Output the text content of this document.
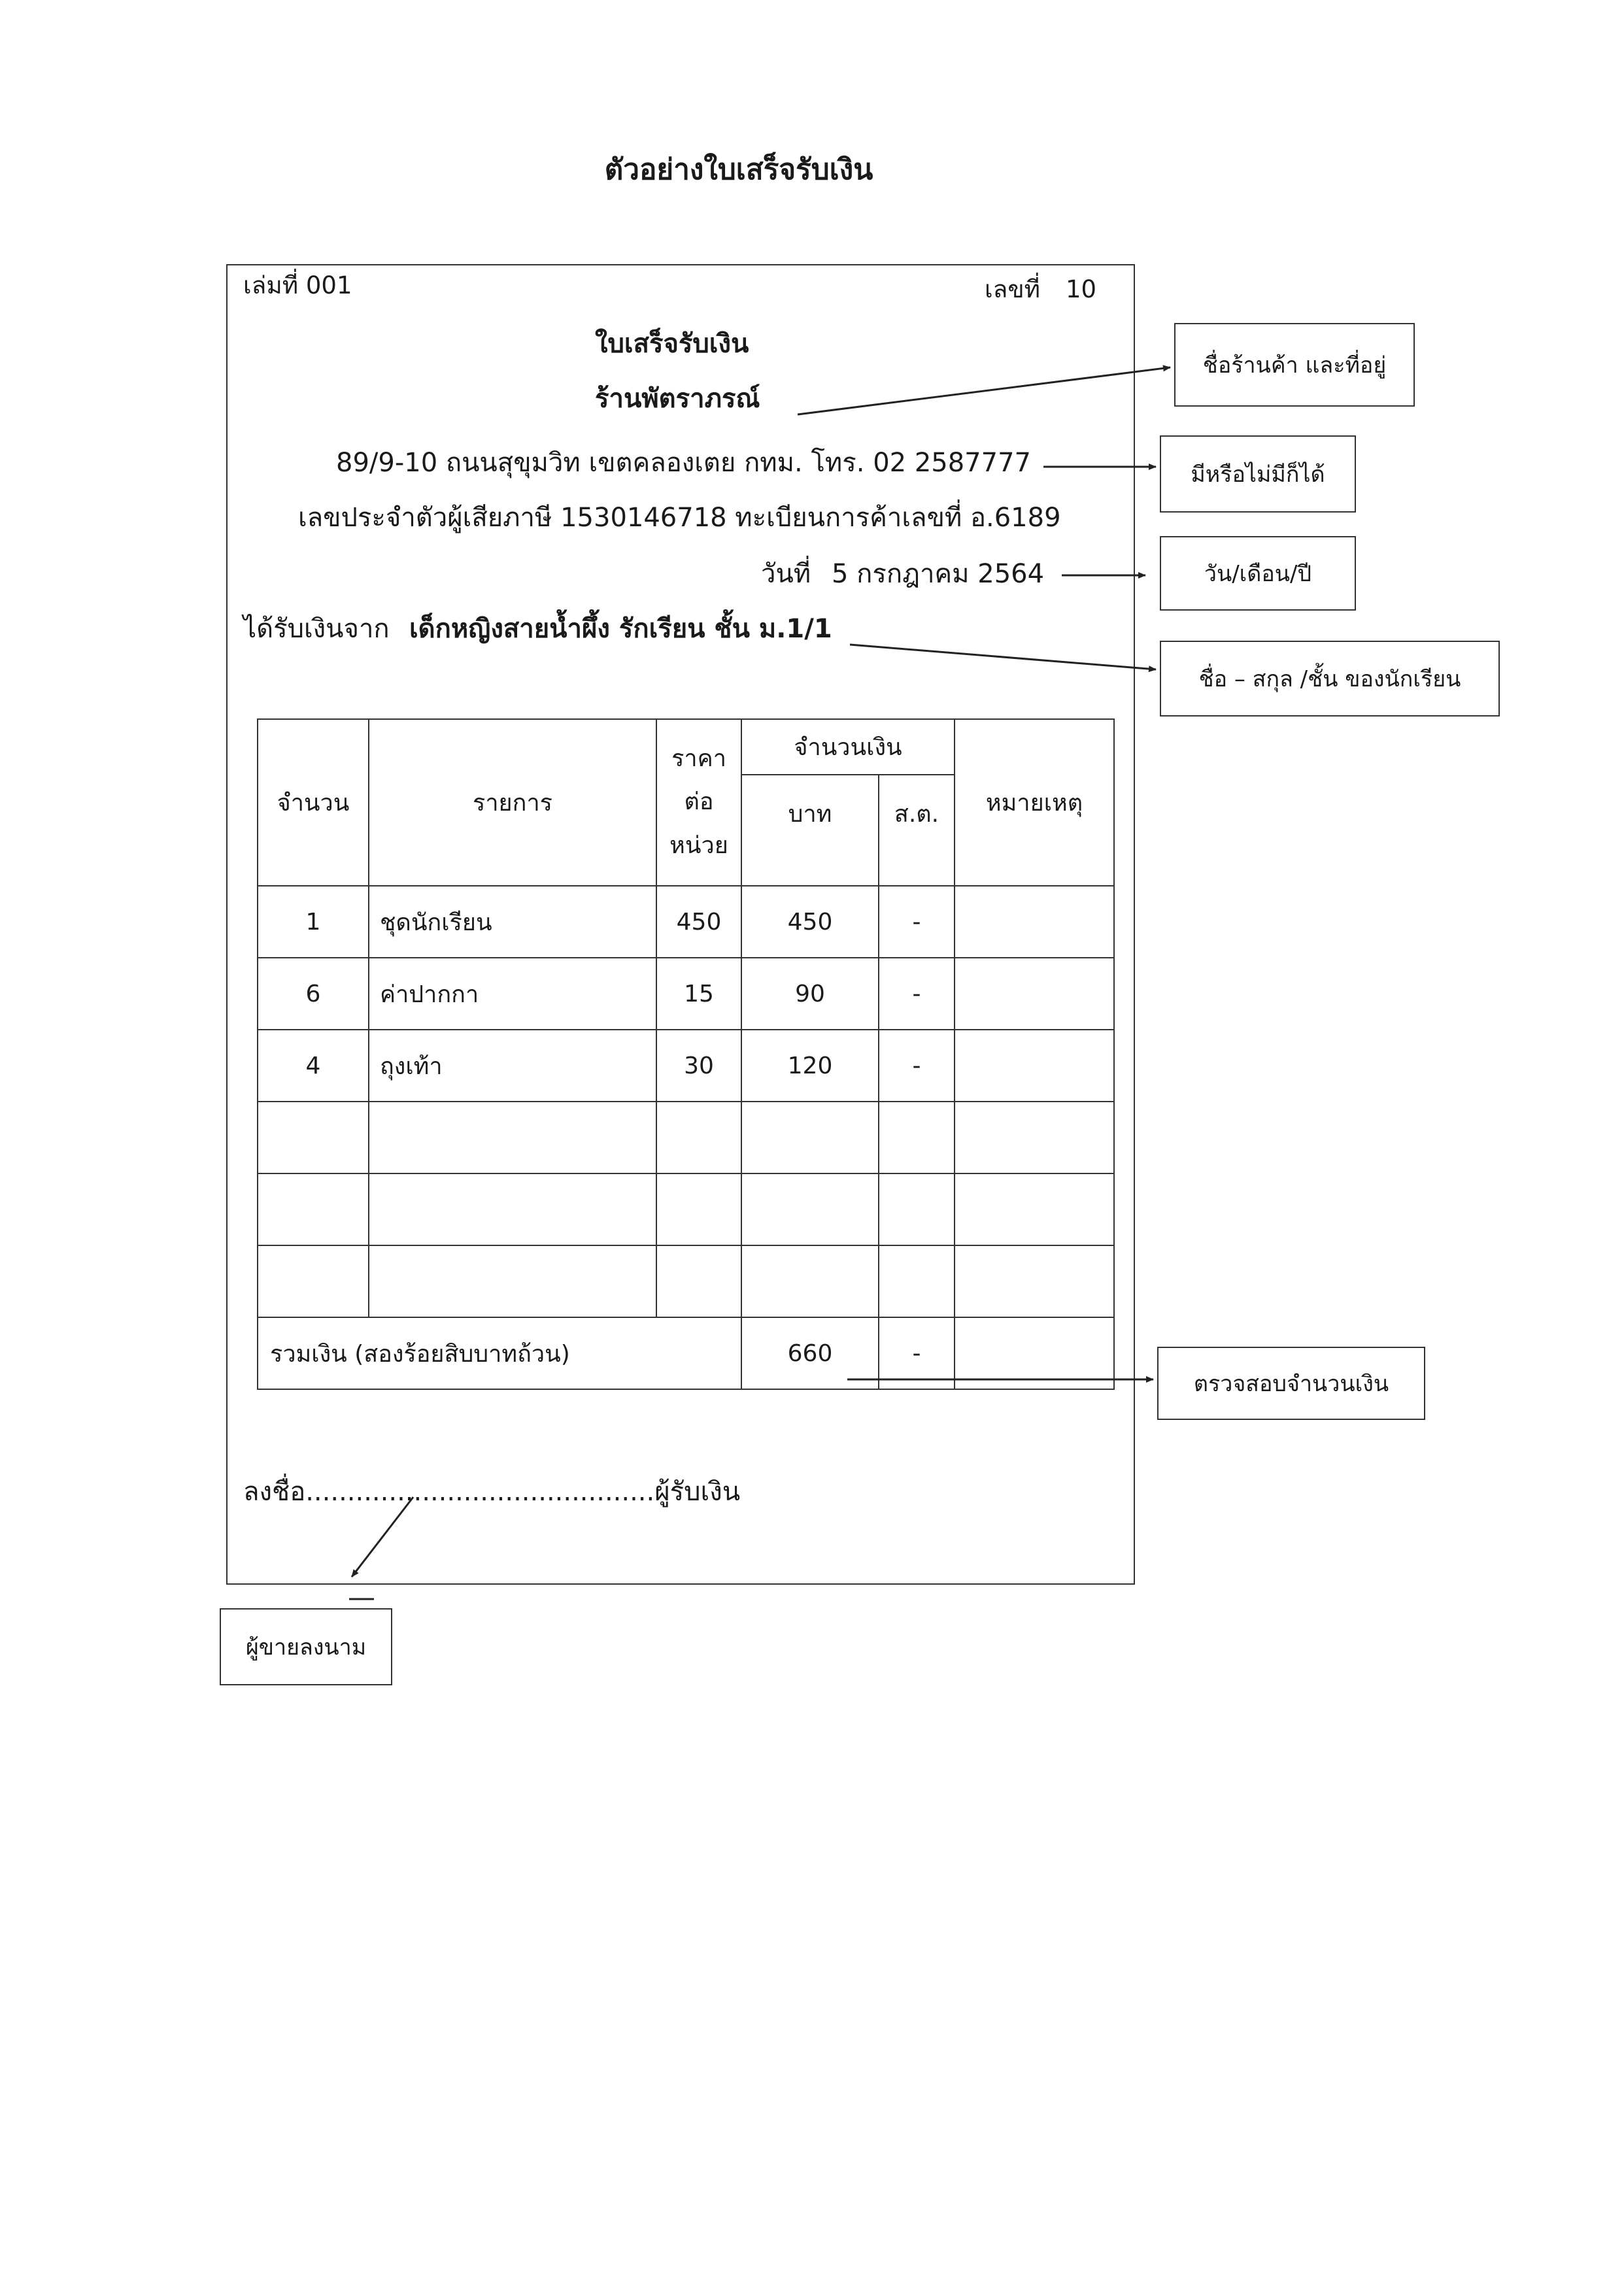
ตัวอย่างใบเสร็จรับเงิน
เล่มที่ 001	เลขที่ 10
ใบเสร็จรับเงิน
ร้านพัตราภรณ์
89/9-10 ถนนสุขุมวิท เขตคลองเตย กทม. โทร. 02 2587777
เลขประจำตัวผู้เสียภาษี 1530146718 ทะเบียนการค้าเลขที่ อ.6189
วันที่ 5 กรกฎาคม 2564
ได้รับเงินจาก เด็กหญิงสายน้ำผึ้ง รักเรียน ชั้น ม.1/1
จำนวน	รายการ	ราคา
ต่อ
หน่วย	จำนวนเงิน		หมายเหตุ
			บาท	ส.ต.	
1	ชุดนักเรียน	450	450	-	
6	ค่าปากกา	15	90	-	
4	ถุงเท้า	30	120	-	

รวมเงิน (สองร้อยสิบบาทถ้วน)			660	-	
ลงชื่อ..........................................ผู้รับเงิน
ชื่อร้านค้า และที่อยู่
มีหรือไม่มีก็ได้
วัน/เดือน/ปี
ชื่อ – สกุล /ชั้น ของนักเรียน
ตรวจสอบจำนวนเงิน
ผู้ขายลงนาม
